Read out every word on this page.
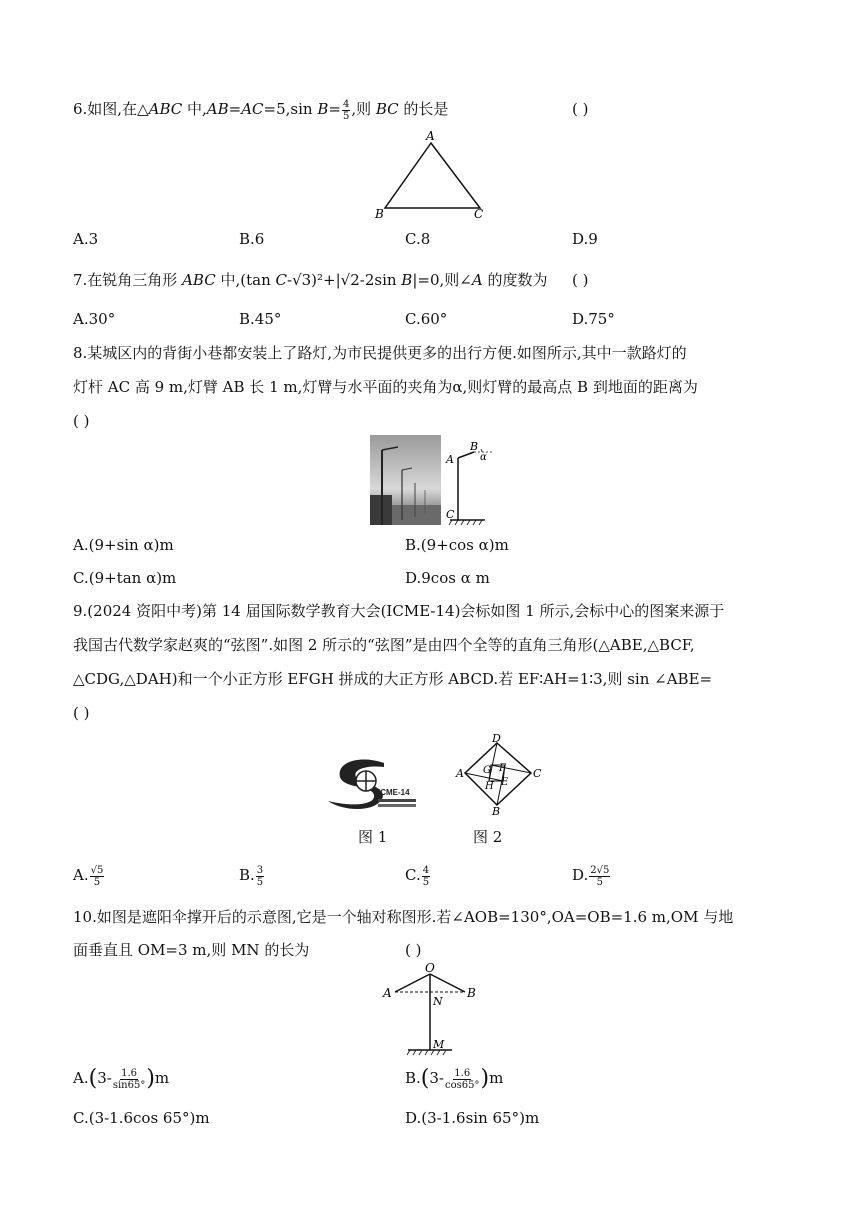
6.如图,在△ABC 中,AB=AC=5,sin $B= \frac{4}{5}$ ,则 BC 的长是	( )
A
B	C
A.3	B.6	C.8	D.9
7.在锐角三角形 ABC 中,(tan C-√3)²+|√2-2sin B|=0,则∠A 的度数为 ( )
A.30°	B.45°	C.60°	D.75°
8.某城区内的背街小巷都安装上了路灯,为市民提供更多的出行方便.如图所示,其中一款路灯的
灯杆 AC 高 9 m,灯臂 AB 长 1 m,灯臂与水平面的夹角为α,则灯臂的最高点 B 到地面的距离为
( )
A
B
C
α
A.(9+sin α)m	B.(9+cos α)m
C.(9+tan α)m	D.9cos α m
9.(2024 资阳中考)第 14 届国际数学教育大会(ICME-14)会标如图 1 所示,会标中心的图案来源于
我国古代数学家赵爽的“弦图”.如图 2 所示的“弦图”是由四个全等的直角三角形(△ABE,△BCF,
△CDG,△DAH)和一个小正方形 EFGH 拼成的大正方形 ABCD.若 EF∶AH=1∶3,则 sin ∠ABE=
( )
ICME-14
D
A	C
B
G F
H E
图 1	图 2
A. $\frac{√5}{5}$	B. $\frac{3}{5}$	C. $\frac{4}{5}$	D. $\frac{2√5}{5}$
10.如图是遮阳伞撑开后的示意图,它是一个轴对称图形.若∠AOB=130°,OA=OB=1.6 m,OM 与地
面垂直且 OM=3 m,则 MN 的长为	( )
O
A	B
N
M
$A.(3- \frac{1.6}{\sin 65^\circ} )m$	$B.(3- \frac{1.6}{\cos 65^\circ} )m$
C.(3-1.6cos 65°)m	D.(3-1.6sin 65°)m
